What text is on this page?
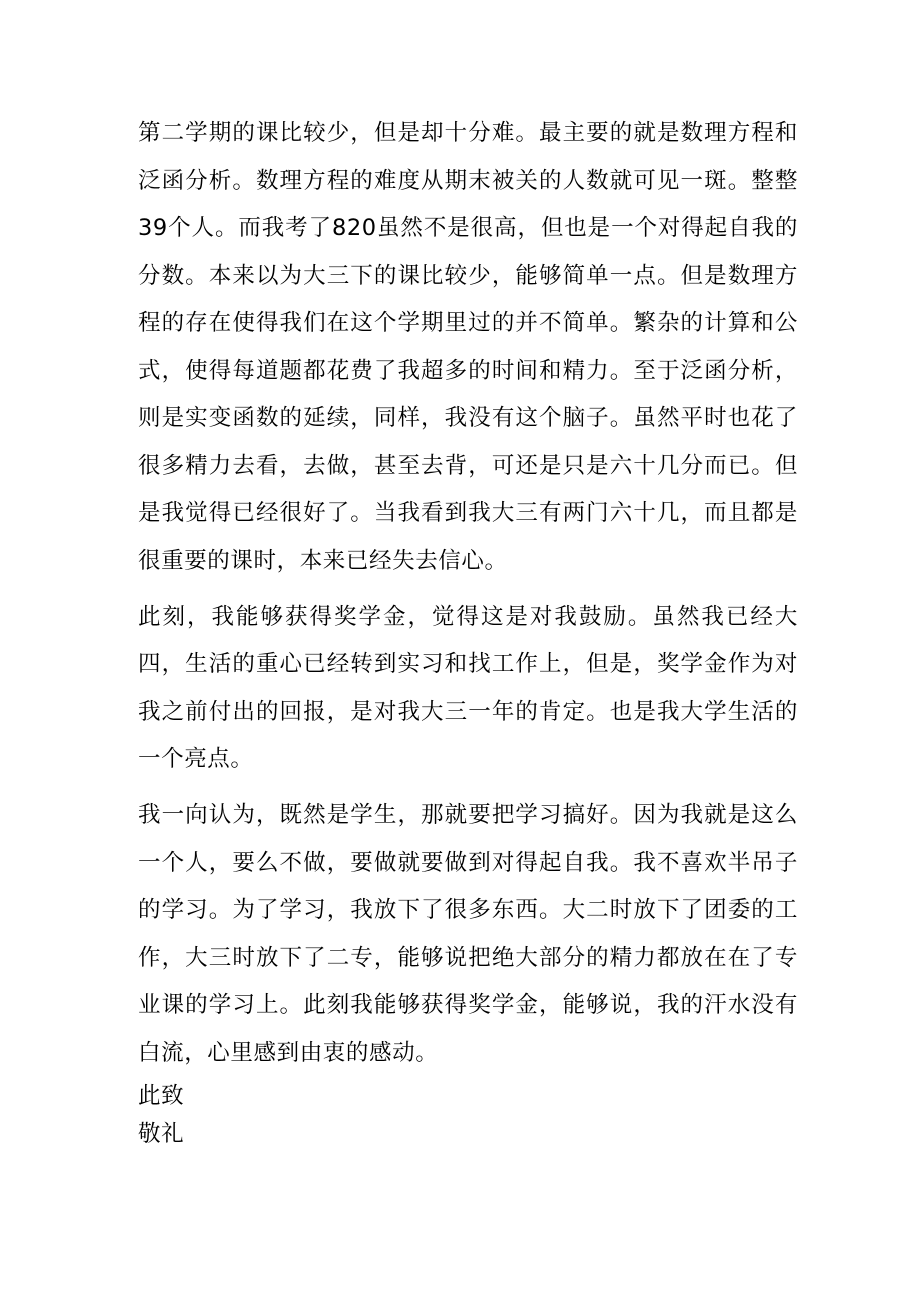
第二学期的课比较少，但是却十分难。最主要的就是数理方程和泛函分析。数理方程的难度从期末被关的人数就可见一斑。整整39个人。而我考了820虽然不是很高，但也是一个对得起自我的分数。本来以为大三下的课比较少，能够简单一点。但是数理方程的存在使得我们在这个学期里过的并不简单。繁杂的计算和公式，使得每道题都花费了我超多的时间和精力。至于泛函分析，则是实变函数的延续，同样，我没有这个脑子。虽然平时也花了很多精力去看，去做，甚至去背，可还是只是六十几分而已。但是我觉得已经很好了。当我看到我大三有两门六十几，而且都是很重要的课时，本来已经失去信心。

此刻，我能够获得奖学金，觉得这是对我鼓励。虽然我已经大四，生活的重心已经转到实习和找工作上，但是，奖学金作为对我之前付出的回报，是对我大三一年的肯定。也是我大学生活的一个亮点。

我一向认为，既然是学生，那就要把学习搞好。因为我就是这么一个人，要么不做，要做就要做到对得起自我。我不喜欢半吊子的学习。为了学习，我放下了很多东西。大二时放下了团委的工作，大三时放下了二专，能够说把绝大部分的精力都放在在了专业课的学习上。此刻我能够获得奖学金，能够说，我的汗水没有白流，心里感到由衷的感动。

此致

敬礼
